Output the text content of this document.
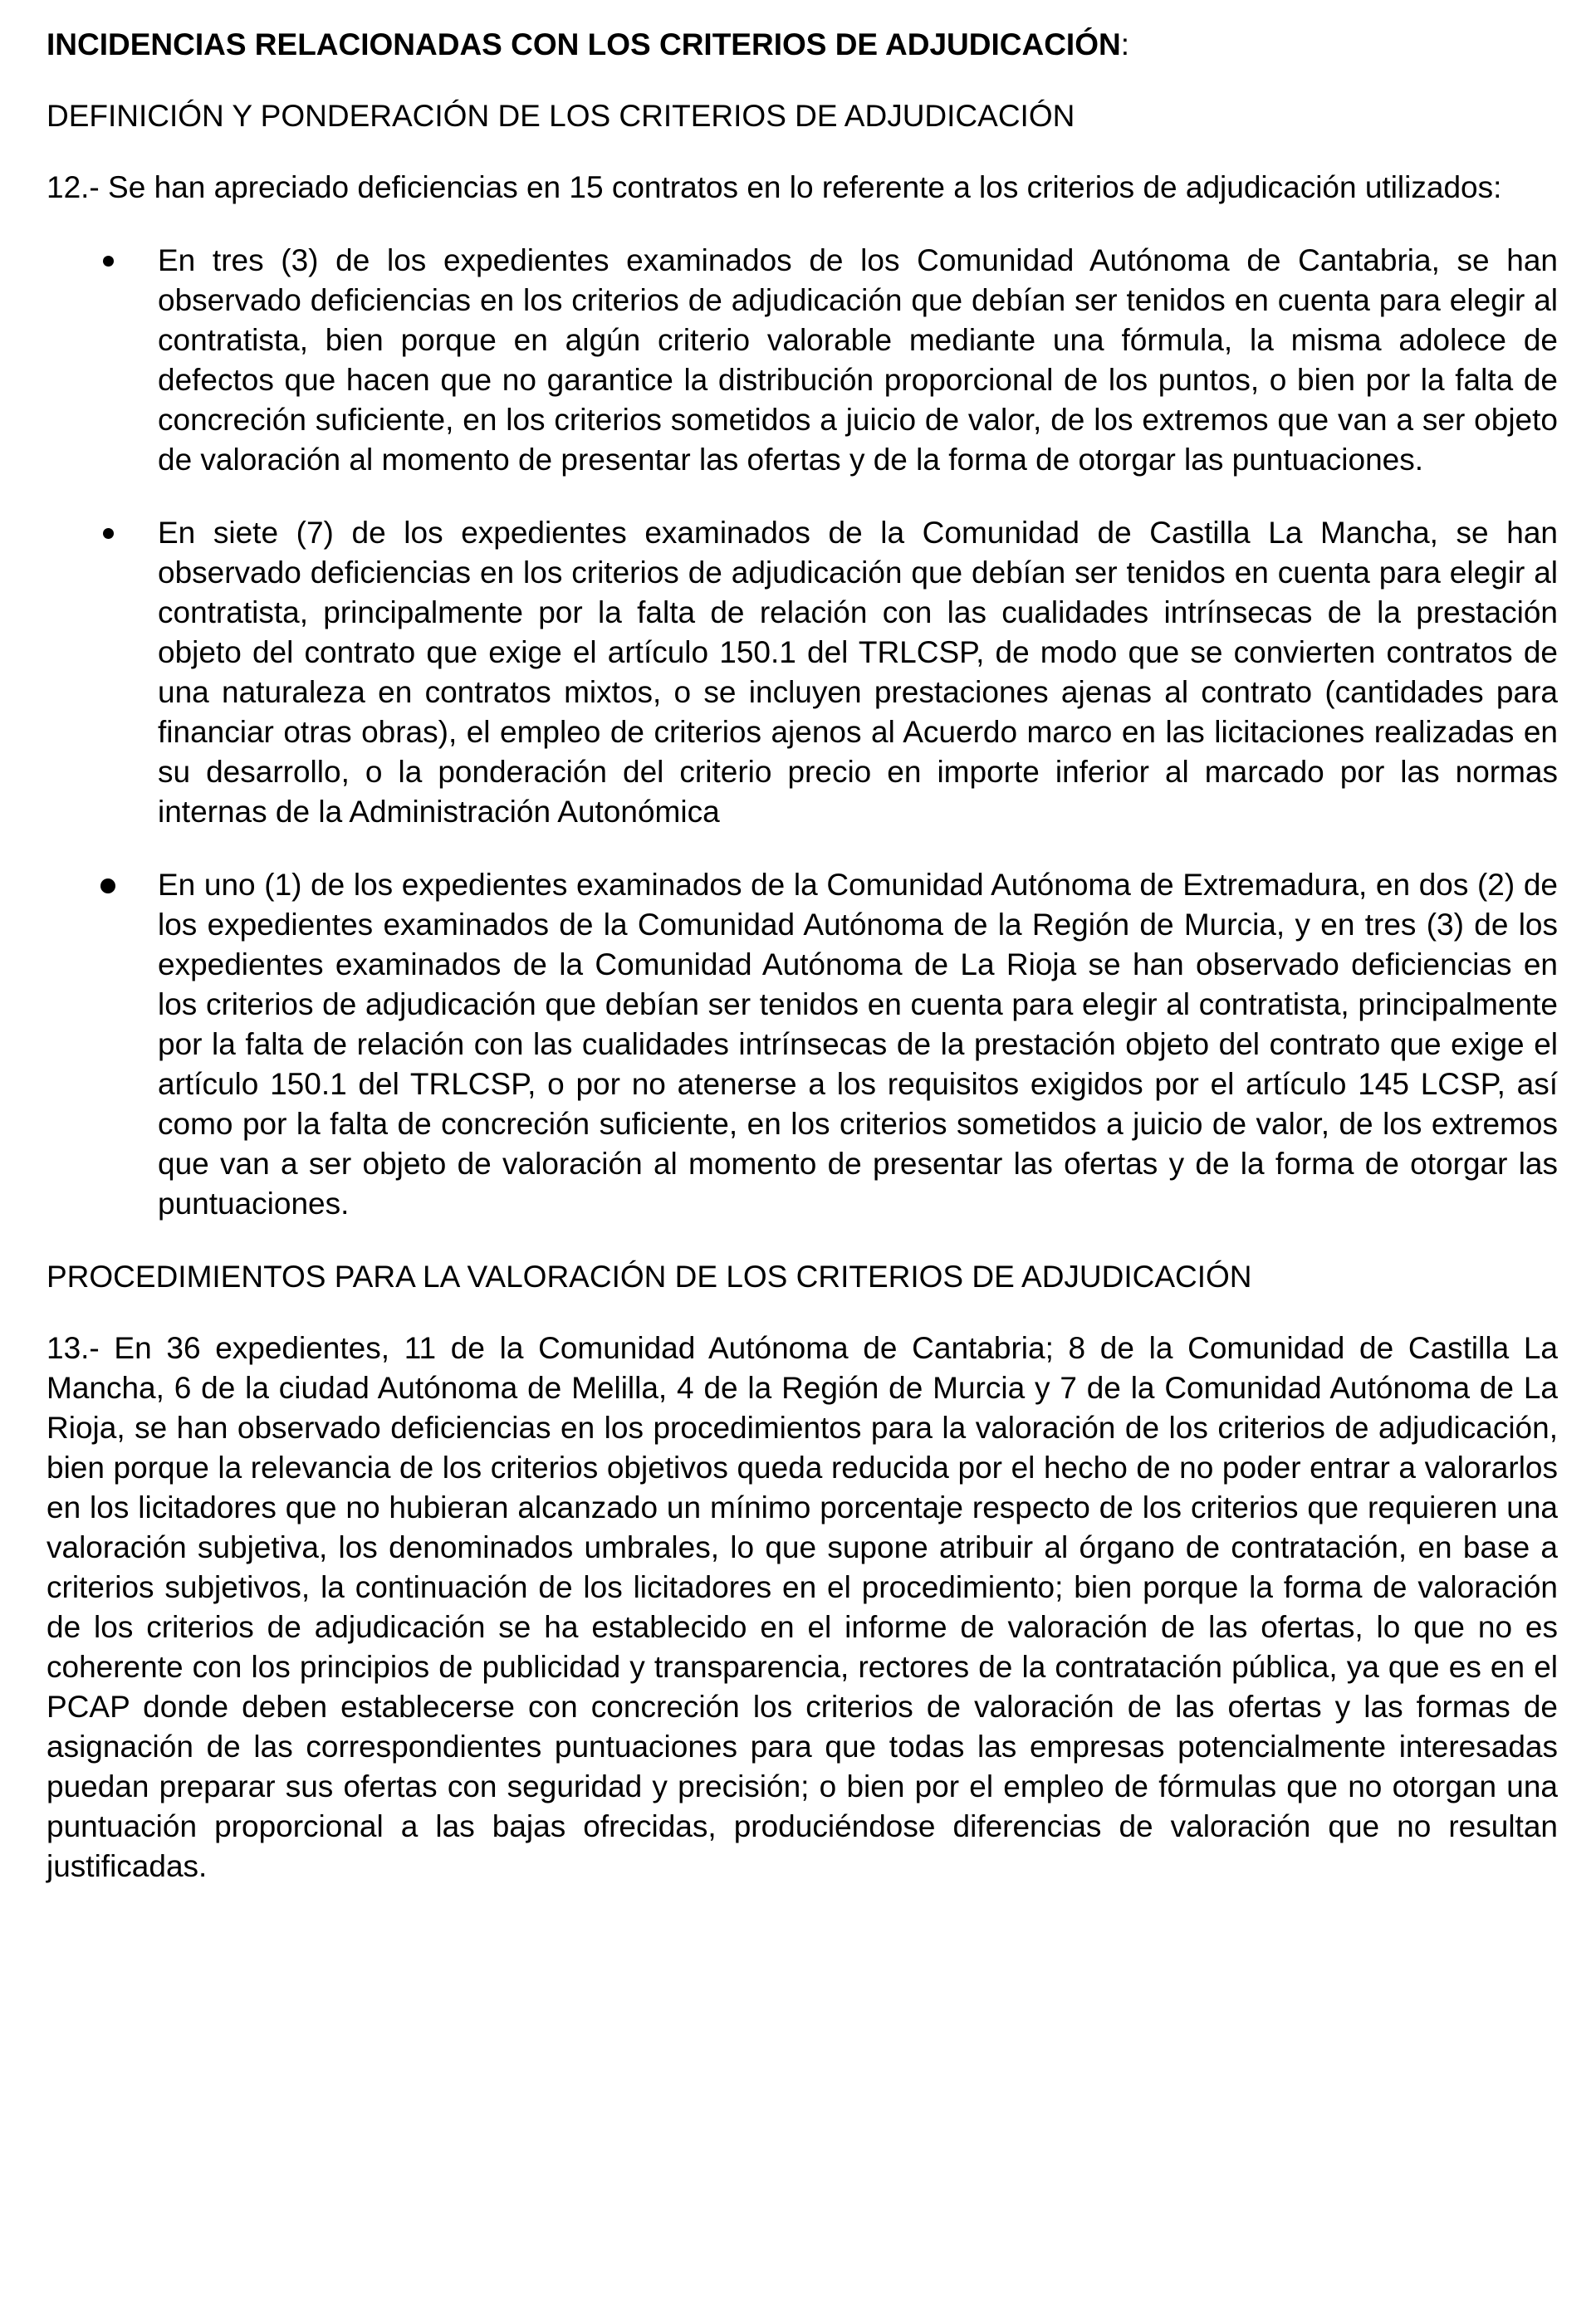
INCIDENCIAS RELACIONADAS CON LOS CRITERIOS DE ADJUDICACIÓN:
DEFINICIÓN Y PONDERACIÓN DE LOS CRITERIOS DE ADJUDICACIÓN
12.- Se han apreciado deficiencias en 15 contratos en lo referente a los criterios de adjudicación utilizados:
En tres (3) de los expedientes examinados de los Comunidad Autónoma de Cantabria, se han observado deficiencias en los criterios de adjudicación que debían ser tenidos en cuenta para elegir al contratista, bien porque en algún criterio valorable mediante una fórmula, la misma adolece de defectos que hacen que no garantice la distribución proporcional de los puntos, o bien por la falta de concreción suficiente, en los criterios sometidos a juicio de valor, de los extremos que van a ser objeto de valoración al momento de presentar las ofertas y de la forma de otorgar las puntuaciones.
En siete (7) de los expedientes examinados de la Comunidad de Castilla La Mancha, se han observado deficiencias en los criterios de adjudicación que debían ser tenidos en cuenta para elegir al contratista, principalmente por la falta de relación con las cualidades intrínsecas de la prestación objeto del contrato que exige el artículo 150.1 del TRLCSP, de modo que se convierten contratos de una naturaleza en contratos mixtos, o se incluyen prestaciones ajenas al contrato (cantidades para financiar otras obras), el empleo de criterios ajenos al Acuerdo marco en las licitaciones realizadas en su desarrollo, o la ponderación del criterio precio en importe inferior al marcado por las normas internas de la Administración Autonómica
En uno (1) de los expedientes examinados de la Comunidad Autónoma de Extremadura, en dos (2) de los expedientes examinados de la Comunidad Autónoma de la Región de Murcia, y en tres (3) de los expedientes examinados de la Comunidad Autónoma de La Rioja se han observado deficiencias en los criterios de adjudicación que debían ser tenidos en cuenta para elegir al contratista, principalmente por la falta de relación con las cualidades intrínsecas de la prestación objeto del contrato que exige el artículo 150.1 del TRLCSP, o por no atenerse a los requisitos exigidos por el artículo 145 LCSP, así como por la falta de concreción suficiente, en los criterios sometidos a juicio de valor, de los extremos que van a ser objeto de valoración al momento de presentar las ofertas y de la forma de otorgar las puntuaciones.
PROCEDIMIENTOS PARA LA VALORACIÓN DE LOS CRITERIOS DE ADJUDICACIÓN
13.- En 36 expedientes, 11 de la Comunidad Autónoma de Cantabria; 8 de la Comunidad de Castilla La Mancha, 6 de la ciudad Autónoma de Melilla, 4 de la Región de Murcia y 7 de la Comunidad Autónoma de La Rioja, se han observado deficiencias en los procedimientos para la valoración de los criterios de adjudicación, bien porque la relevancia de los criterios objetivos queda reducida por el hecho de no poder entrar a valorarlos en los licitadores que no hubieran alcanzado un mínimo porcentaje respecto de los criterios que requieren una valoración subjetiva, los denominados umbrales, lo que supone atribuir al órgano de contratación, en base a criterios subjetivos, la continuación de los licitadores en el procedimiento; bien porque la forma de valoración de los criterios de adjudicación se ha establecido en el informe de valoración de las ofertas, lo que no es coherente con los principios de publicidad y transparencia, rectores de la contratación pública, ya que es en el PCAP donde deben establecerse con concreción los criterios de valoración de las ofertas y las formas de asignación de las correspondientes puntuaciones para que todas las empresas potencialmente interesadas puedan preparar sus ofertas con seguridad y precisión; o bien por el empleo de fórmulas que no otorgan una puntuación proporcional a las bajas ofrecidas, produciéndose diferencias de valoración que no resultan justificadas.
